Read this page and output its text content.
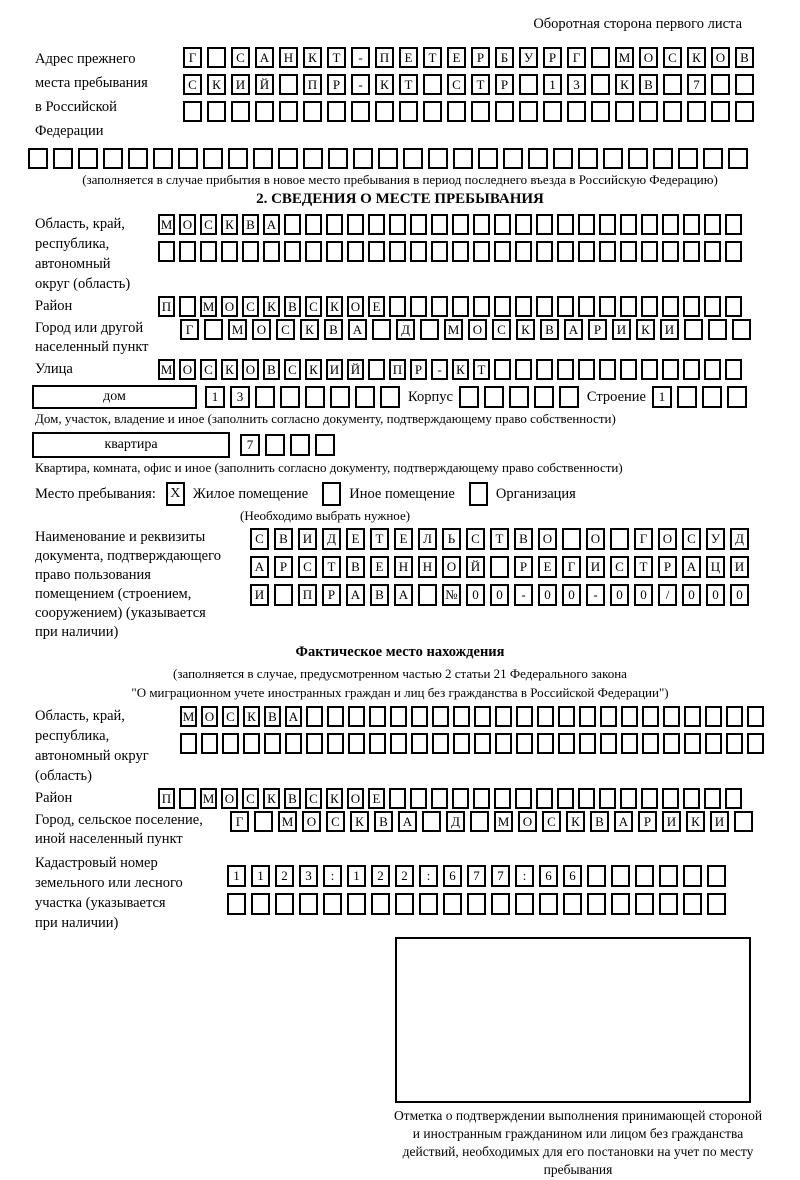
Оборотная сторона первого листа
Адрес прежнего
места пребывания
в Российской
Федерации
Г	С	А	Н	К	Т	-	П	Е	Т	Е	Р	Б	У	Р	Г	М	О	С	К	О	В
С	К	И	Й	П	Р	-	К	Т	С	Т	Р	1	3	К	В	7
(заполняется в случае прибытия в новое место пребывания в период последнего въезда в Российскую Федерацию)
2. СВЕДЕНИЯ О МЕСТЕ ПРЕБЫВАНИЯ
Область, край,
республика,
автономный
округ (область)
М О С К В А
Район	П М О С К В С К О Е
Город или другой
населенный пункт
Г	М	О	С	К	В	А	Д	М	О	С	К	В	А	Р	И	К	И
Улица	М О С К О В С К И Й	П Р	-	К Т
дом	1	3	Корпус	Строение 1
Дом, участок, владение и иное (заполнить согласно документу, подтверждающему право собственности)
квартира	7
Квартира, комната, офис и иное (заполнить согласно документу, подтверждающему право собственности)
Место пребывания:	X Жилое помещение	Иное помещение	Организация
(Необходимо выбрать нужное)
Наименование и реквизиты
документа, подтверждающего
право пользования
помещением (строением,
сооружением) (указывается
при наличии)
С	В	И	Д	Е	Т	Е	Л	Ь	С	Т	В	О	О	Г	О	С	У	Д
А	Р	С	Т	В	Е	Н	Н	О	Й	Р	Е	Г	И	С	Т	Р	А	Ц	И
И	П	Р	А	В	А	№	0	0	-	0	0	-	0	0	/	0	0	0
Фактическое место нахождения
(заполняется в случае, предусмотренном частью 2 статьи 21 Федерального закона
"О миграционном учете иностранных граждан и лиц без гражданства в Российской Федерации")
Область, край,
республика,
автономный округ
(область)
М О С К В А
Район	П М О С К В С К О Е
Город, сельское поселение,
иной населенный пункт
Г	М	О	С	К	В	А	Д	М	О	С	К	В	А	Р	И	К	И
Кадастровый номер
земельного или лесного
участка (указывается
при наличии)
1	1	2	3	:	1	2	2	:	6	7	7	:	6	6
Отметка о подтверждении выполнения принимающей стороной и иностранным гражданином или лицом без гражданства действий, необходимых для его постановки на учет по месту пребывания
